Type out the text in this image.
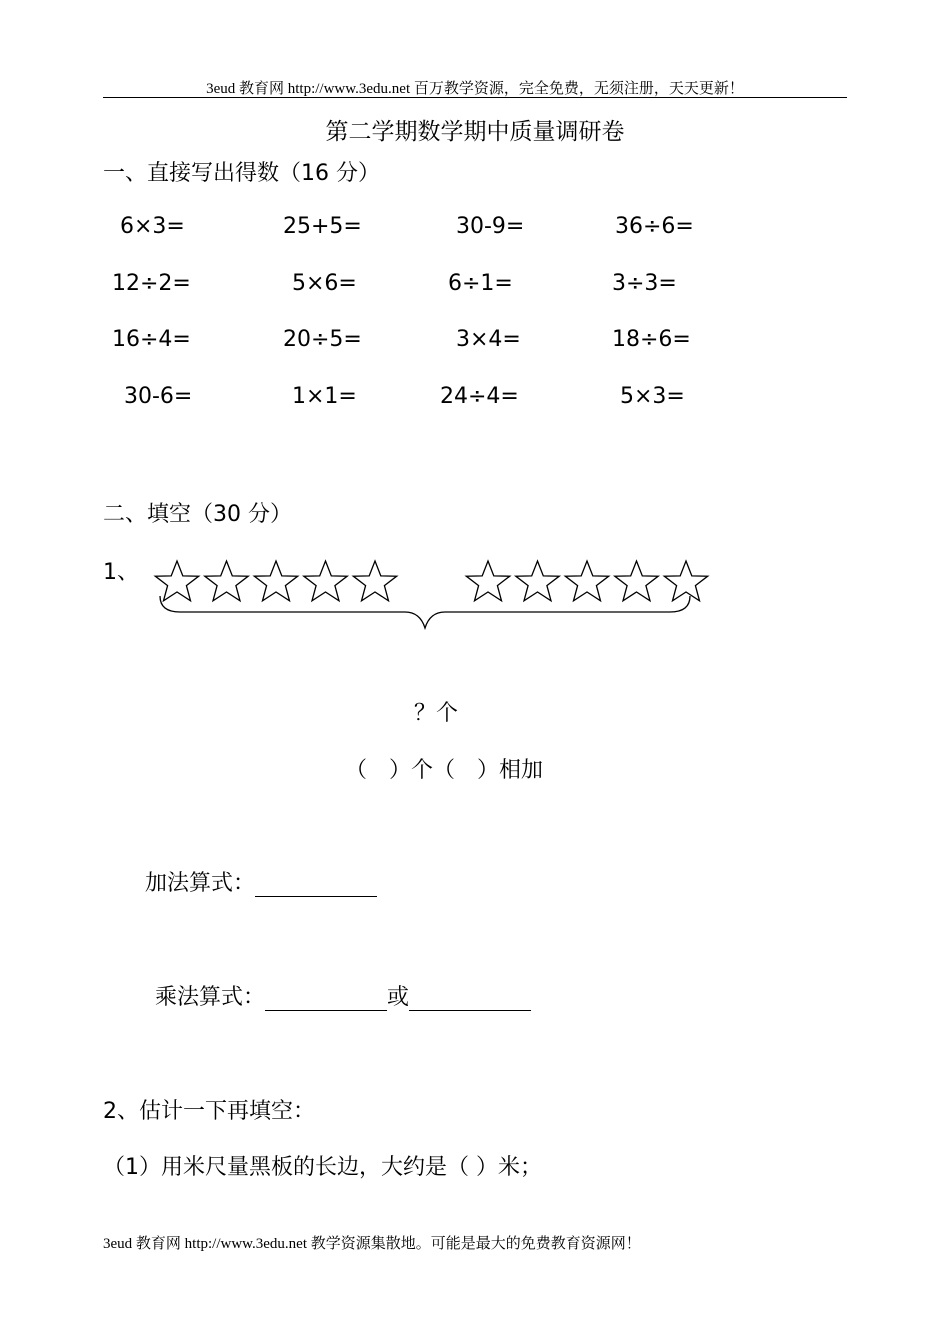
3eud 教育网 http://www.3edu.net 百万教学资源，完全免费，无须注册，天天更新！
第二学期数学期中质量调研卷
一、直接写出得数（16 分）
6×3=	25+5=	30-9=	36÷6=
12÷2=	5×6=	6÷1=	3÷3=
16÷4=	20÷5=	3×4=	18÷6=
30-6=	1×1=	24÷4=	5×3=
二、填空（30 分）
1、
？个
（　）个（　）相加
加法算式：
乘法算式：	或
2、估计一下再填空：
（1）用米尺量黑板的长边，大约是（ ）米；
3eud 教育网 http://www.3edu.net 教学资源集散地。可能是最大的免费教育资源网！
